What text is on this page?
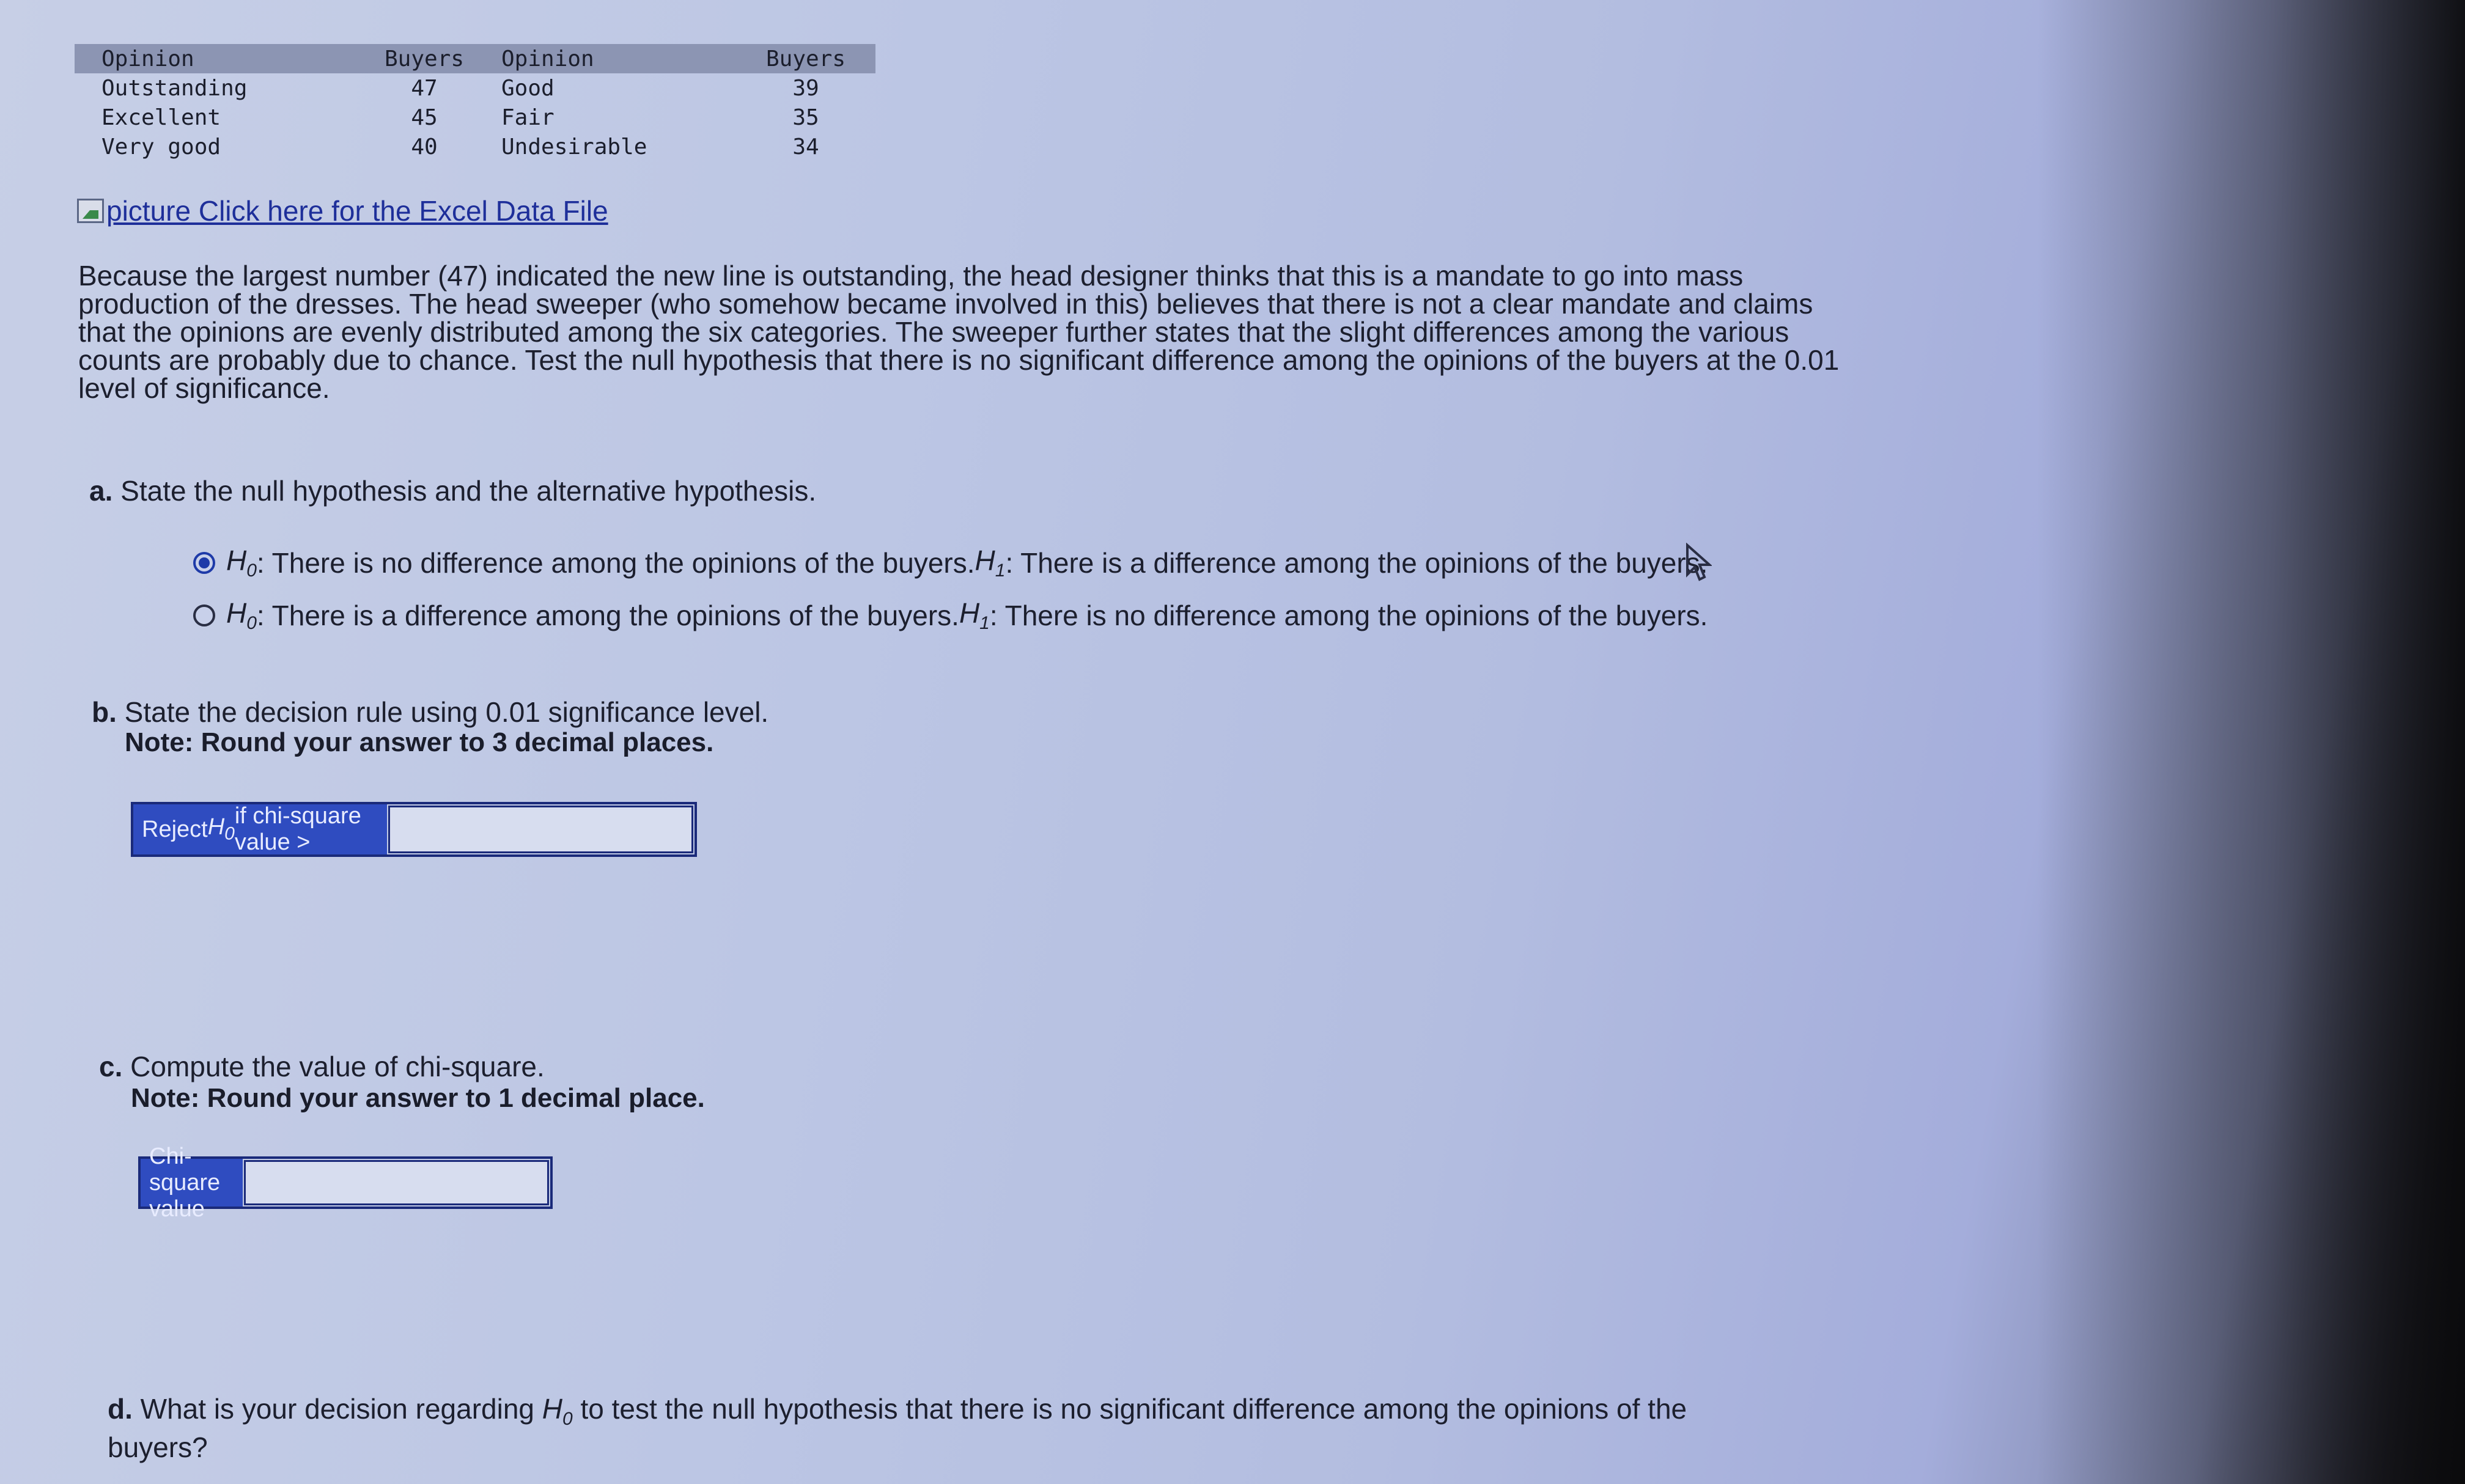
Opinion	Buyers	Opinion	Buyers
Outstanding	47	Good	39
Excellent	45	Fair	35
Very good	40	Undesirable	34
picture Click here for the Excel Data File
Because the largest number (47) indicated the new line is outstanding, the head designer thinks that this is a mandate to go into mass production of the dresses. The head sweeper (who somehow became involved in this) believes that there is not a clear mandate and claims that the opinions are evenly distributed among the six categories. The sweeper further states that the slight differences among the various counts are probably due to chance. Test the null hypothesis that there is no significant difference among the opinions of the buyers at the 0.01 level of significance.
a. State the null hypothesis and the alternative hypothesis.
$H_0$ : There is no difference among the opinions of the buyers. $H_1$ : There is a difference among the opinions of the buyers.
$H_0$ : There is a difference among the opinions of the buyers. $H_1$ : There is no difference among the opinions of the buyers.
b. State the decision rule using 0.01 significance level.
Note: Round your answer to 3 decimal places.
Reject $H_0$
if chi-square value >
c. Compute the value of chi-square.
Note: Round your answer to 1 decimal place.
Chi-square value
d. What is your decision regarding $H_0$ to test the null hypothesis that there is no significant difference among the opinions of the buyers?
